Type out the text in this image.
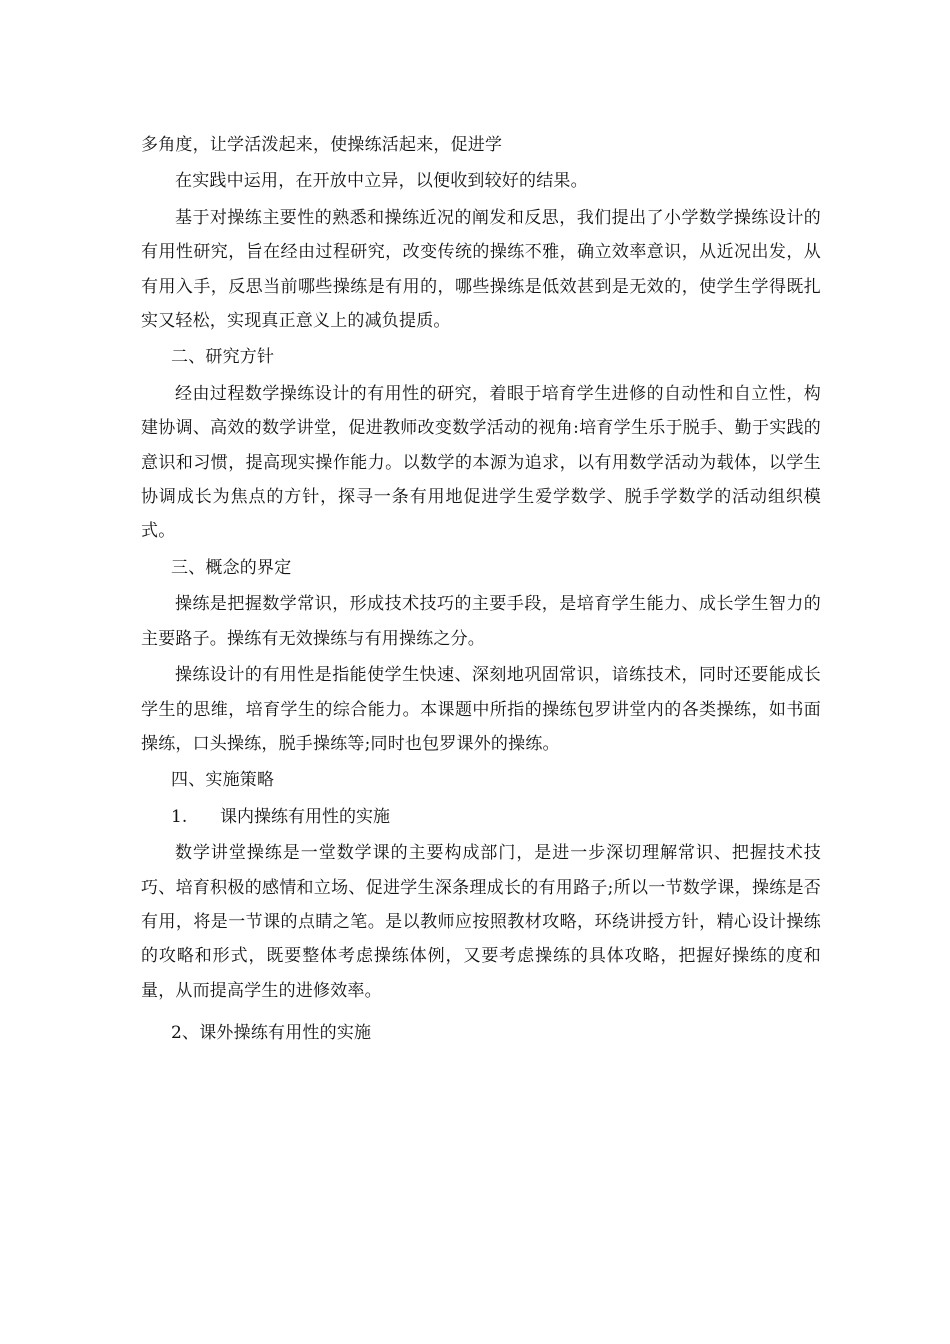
多角度，让学活泼起来，使操练活起来，促进学

在实践中运用，在开放中立异，以便收到较好的结果。

基于对操练主要性的熟悉和操练近况的阐发和反思，我们提出了小学数学操练设计的有用性研究，旨在经由过程研究，改变传统的操练不雅，确立效率意识，从近况出发，从有用入手，反思当前哪些操练是有用的，哪些操练是低效甚到是无效的，使学生学得既扎实又轻松，实现真正意义上的减负提质。

二、研究方针

经由过程数学操练设计的有用性的研究，着眼于培育学生进修的自动性和自立性，构建协调、高效的数学讲堂，促进教师改变数学活动的视角:培育学生乐于脱手、勤于实践的意识和习惯，提高现实操作能力。以数学的本源为追求，以有用数学活动为载体，以学生协调成长为焦点的方针，探寻一条有用地促进学生爱学数学、脱手学数学的活动组织模式。

三、概念的界定

操练是把握数学常识，形成技术技巧的主要手段，是培育学生能力、成长学生智力的主要路子。操练有无效操练与有用操练之分。

操练设计的有用性是指能使学生快速、深刻地巩固常识，谙练技术，同时还要能成长学生的思维，培育学生的综合能力。本课题中所指的操练包罗讲堂内的各类操练，如书面操练，口头操练，脱手操练等;同时也包罗课外的操练。

四、实施策略

1.	课内操练有用性的实施

数学讲堂操练是一堂数学课的主要构成部门，是进一步深切理解常识、把握技术技巧、培育积极的感情和立场、促进学生深条理成长的有用路子;所以一节数学课，操练是否有用，将是一节课的点睛之笔。是以教师应按照教材攻略，环绕讲授方针，精心设计操练的攻略和形式，既要整体考虑操练体例，又要考虑操练的具体攻略，把握好操练的度和量，从而提高学生的进修效率。

2、课外操练有用性的实施
